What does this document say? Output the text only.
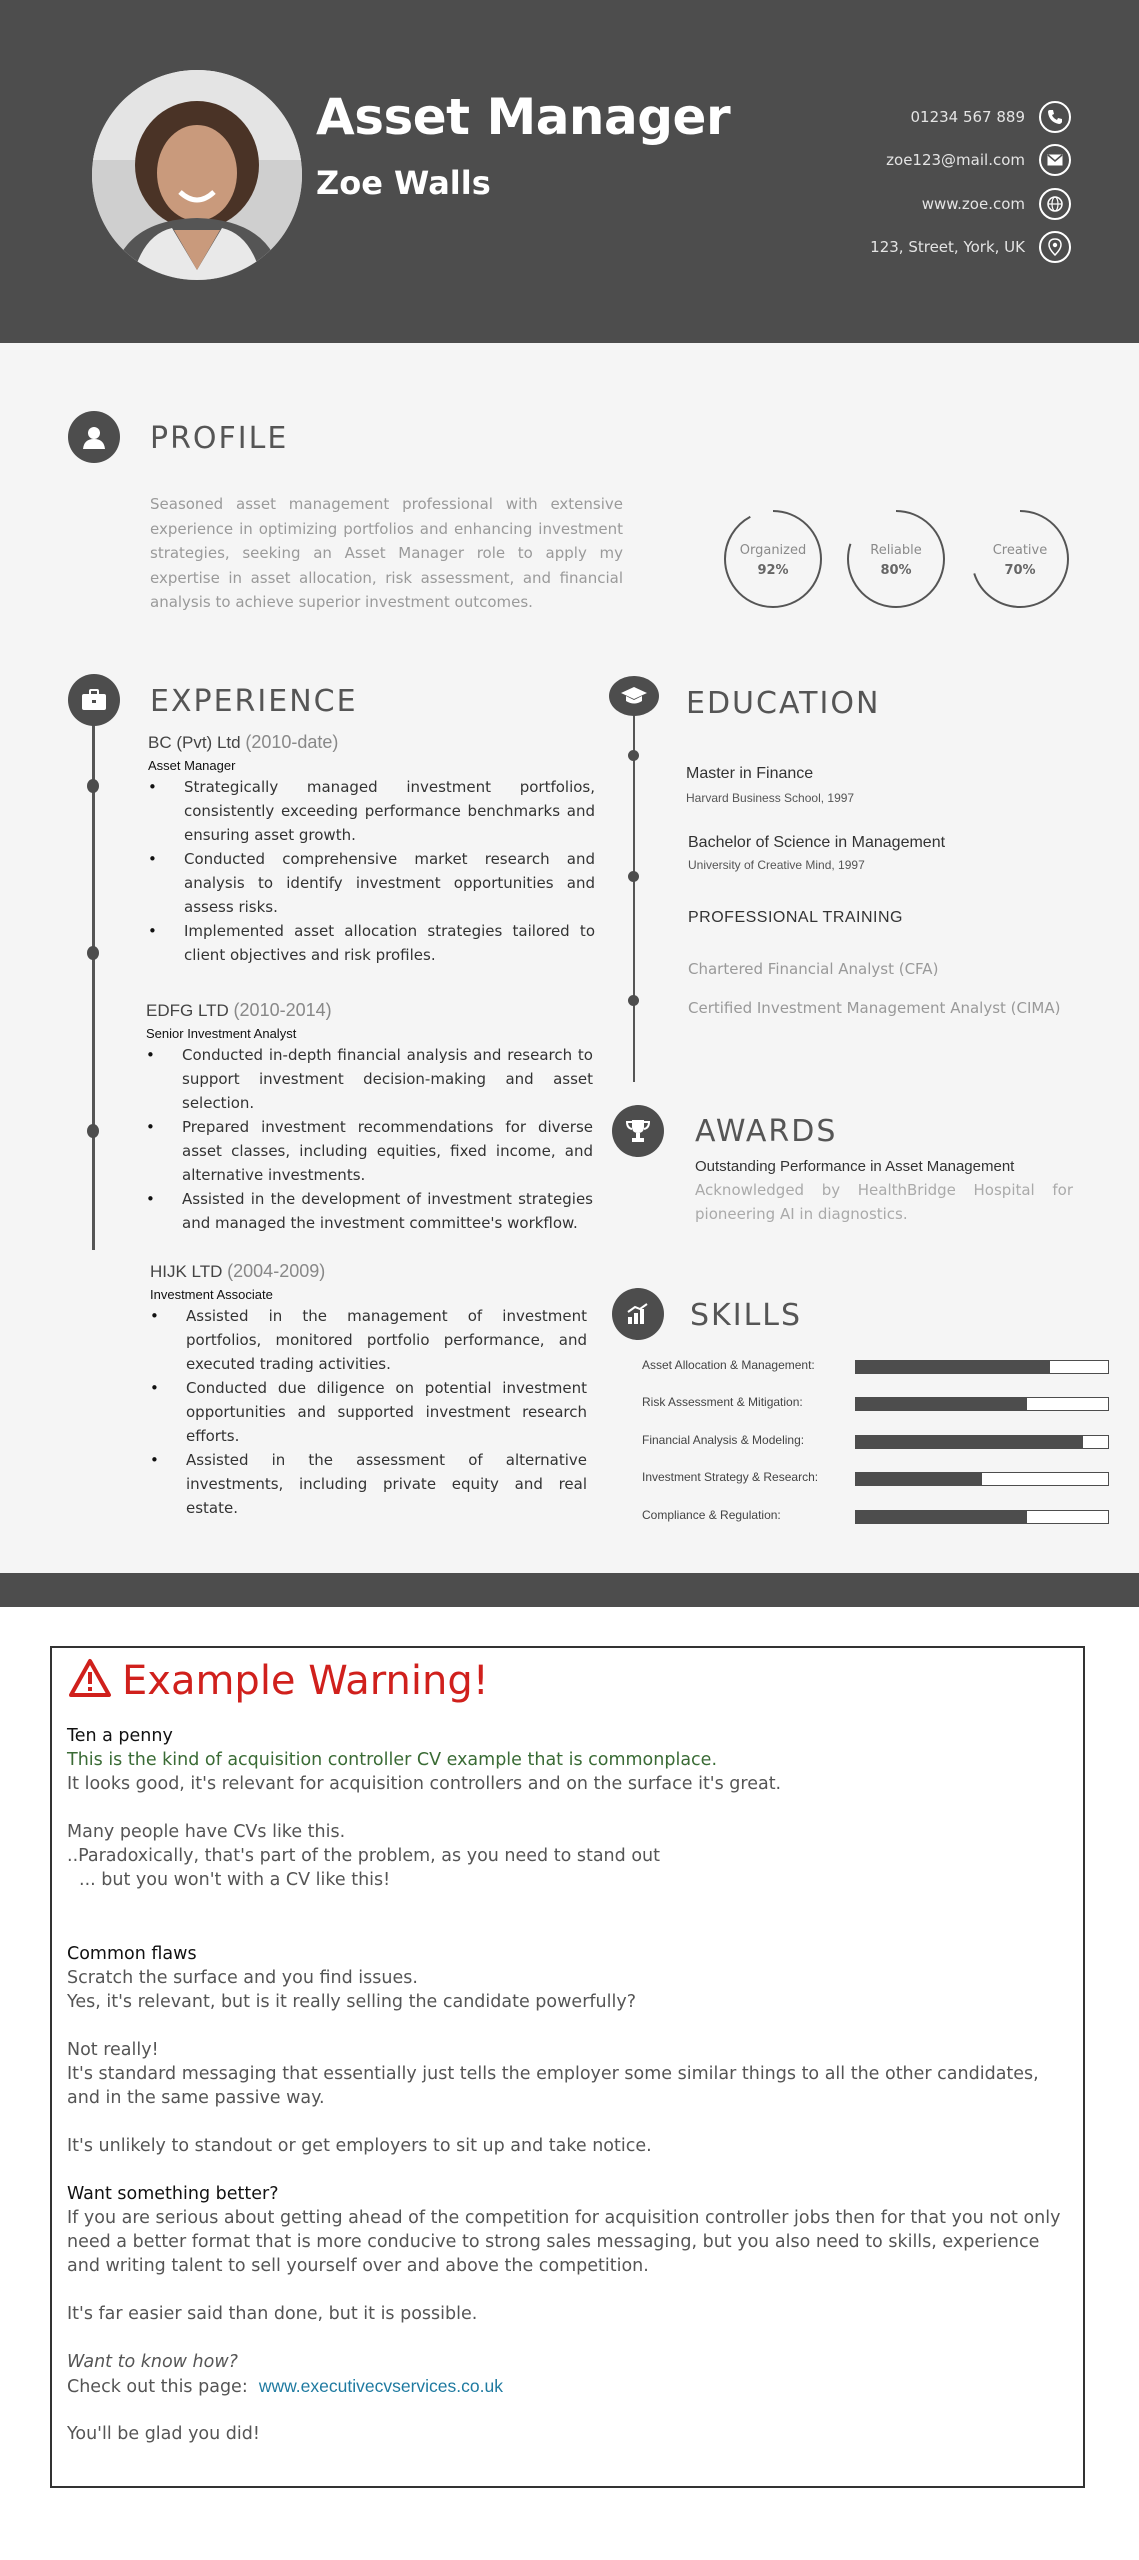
Asset Manager
Zoe Walls
01234 567 889
zoe123@mail.com
www.zoe.com
123, Street, York, UK
PROFILE
Seasoned asset management professional with extensive experience in optimizing portfolios and enhancing investment strategies, seeking an Asset Manager role to apply my expertise in asset allocation, risk assessment, and financial analysis to achieve superior investment outcomes.
Organized
92%
Reliable
80%
Creative
70%
EXPERIENCE
BC (Pvt) Ltd (2010-date)
Asset Manager
• Strategically managed investment portfolios, consistently exceeding performance benchmarks and ensuring asset growth.
• Conducted comprehensive market research and analysis to identify investment opportunities and assess risks.
• Implemented asset allocation strategies tailored to client objectives and risk profiles.
EDFG LTD (2010-2014)
Senior Investment Analyst
• Conducted in-depth financial analysis and research to support investment decision-making and asset selection.
• Prepared investment recommendations for diverse asset classes, including equities, fixed income, and alternative investments.
• Assisted in the development of investment strategies and managed the investment committee's workflow.
HIJK LTD (2004-2009)
Investment Associate
• Assisted in the management of investment portfolios, monitored portfolio performance, and executed trading activities.
• Conducted due diligence on potential investment opportunities and supported investment research efforts.
• Assisted in the assessment of alternative investments, including private equity and real estate.
EDUCATION
Master in Finance
Harvard Business School, 1997
Bachelor of Science in Management
University of Creative Mind, 1997
PROFESSIONAL TRAINING
Chartered Financial Analyst (CFA)
Certified Investment Management Analyst (CIMA)
AWARDS
Outstanding Performance in Asset Management
Acknowledged by HealthBridge Hospital for pioneering AI in diagnostics.
SKILLS
Asset Allocation & Management:
Risk Assessment & Mitigation:
Financial Analysis & Modeling:
Investment Strategy & Research:
Compliance & Regulation:
Example Warning!
Ten a penny
This is the kind of acquisition controller CV example that is commonplace.
It looks good, it's relevant for acquisition controllers and on the surface it's great.
Many people have CVs like this.
..Paradoxically, that's part of the problem, as you need to stand out
... but you won't with a CV like this!
Common flaws
Scratch the surface and you find issues.
Yes, it's relevant, but is it really selling the candidate powerfully?
Not really!
It's standard messaging that essentially just tells the employer some similar things to all the other candidates, and in the same passive way.
It's unlikely to standout or get employers to sit up and take notice.
Want something better?
If you are serious about getting ahead of the competition for acquisition controller jobs then for that you not only need a better format that is more conducive to strong sales messaging, but you also need to skills, experience and writing talent to sell yourself over and above the competition.
It's far easier said than done, but it is possible.
Want to know how?
Check out this page: www.executivecvservices.co.uk
You'll be glad you did!
